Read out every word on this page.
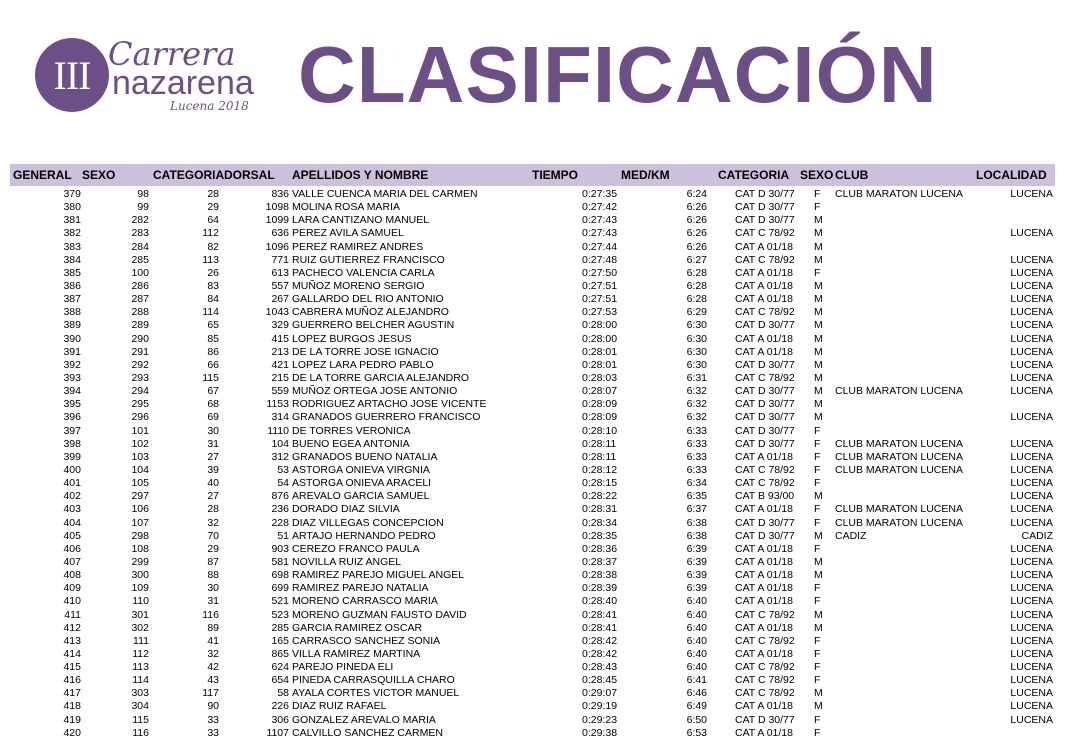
III Carrera
nazarena
Lucena 2018 CLASIFICACIÓN
GENERAL SEXO	CATEGORIA DORSAL APELLIDOS Y NOMBRE	TIEMPO	MED/KM	CATEGORIA SEXO CLUB	LOCALIDAD
379	98	28	836 VALLE CUENCA MARIA DEL CARMEN	0:27:35	6:24	CAT D 30/77 F CLUB MARATON LUCENA	LUCENA
380	99	29	1098 MOLINA ROSA MARIA	0:27:42	6:26	CAT D 30/77 F
381	282	64	1099 LARA CANTIZANO MANUEL	0:27:43	6:26	CAT D 30/77 M
382	283	112	636 PEREZ AVILA SAMUEL	0:27:43	6:26	CAT C 78/92 M	LUCENA
383	284	82	1096 PEREZ RAMIREZ ANDRES	0:27:44	6:26	CAT A 01/18 M
384	285	113	771 RUIZ GUTIERREZ FRANCISCO	0:27:48	6:27	CAT C 78/92 M	LUCENA
385	100	26	613 PACHECO VALENCIA CARLA	0:27:50	6:28	CAT A 01/18 F	LUCENA
386	286	83	557 MUÑOZ MORENO SERGIO	0:27:51	6:28	CAT A 01/18 M	LUCENA
387	287	84	267 GALLARDO DEL RIO ANTONIO	0:27:51	6:28	CAT A 01/18 M	LUCENA
388	288	114	1043 CABRERA MUÑOZ ALEJANDRO	0:27:53	6:29	CAT C 78/92 M	LUCENA
389	289	65	329 GUERRERO BELCHER AGUSTIN	0:28:00	6:30	CAT D 30/77 M	LUCENA
390	290	85	415 LOPEZ BURGOS JESUS	0:28:00	6:30	CAT A 01/18 M	LUCENA
391	291	86	213 DE LA TORRE JOSE IGNACIO	0:28:01	6:30	CAT A 01/18 M	LUCENA
392	292	66	421 LOPEZ LARA PEDRO PABLO	0:28:01	6:30	CAT D 30/77 M	LUCENA
393	293	115	215 DE LA TORRE GARCIA ALEJANDRO	0:28:03	6:31	CAT C 78/92 M	LUCENA
394	294	67	559 MUÑOZ ORTEGA JOSE ANTONIO	0:28:07	6:32	CAT D 30/77 M CLUB MARATON LUCENA	LUCENA
395	295	68	1153 RODRIGUEZ ARTACHO JOSE VICENTE	0:28:09	6:32	CAT D 30/77 M
396	296	69	314 GRANADOS GUERRERO FRANCISCO	0:28:09	6:32	CAT D 30/77 M	LUCENA
397	101	30	1110 DE TORRES VERONICA	0:28:10	6:33	CAT D 30/77 F
398	102	31	104 BUENO EGEA ANTONIA	0:28:11	6:33	CAT D 30/77 F CLUB MARATON LUCENA	LUCENA
399	103	27	312 GRANADOS BUENO NATALIA	0:28:11	6:33	CAT A 01/18 F CLUB MARATON LUCENA	LUCENA
400	104	39	53 ASTORGA ONIEVA VIRGNIA	0:28:12	6:33	CAT C 78/92 F CLUB MARATON LUCENA	LUCENA
401	105	40	54 ASTORGA ONIEVA ARACELI	0:28:15	6:34	CAT C 78/92 F	LUCENA
402	297	27	876 AREVALO GARCIA SAMUEL	0:28:22	6:35	CAT B 93/00 M	LUCENA
403	106	28	236 DORADO DIAZ SILVIA	0:28:31	6:37	CAT A 01/18 F CLUB MARATON LUCENA	LUCENA
404	107	32	228 DIAZ VILLEGAS CONCEPCION	0:28:34	6:38	CAT D 30/77 F CLUB MARATON LUCENA	LUCENA
405	298	70	51 ARTAJO HERNANDO PEDRO	0:28:35	6:38	CAT D 30/77 M CADIZ	CADIZ
406	108	29	903 CEREZO FRANCO PAULA	0:28:36	6:39	CAT A 01/18 F	LUCENA
407	299	87	581 NOVILLA RUIZ ANGEL	0:28:37	6:39	CAT A 01/18 M	LUCENA
408	300	88	698 RAMIREZ PAREJO MIGUEL ANGEL	0:28:38	6:39	CAT A 01/18 M	LUCENA
409	109	30	699 RAMIREZ PAREJO NATALIA	0:28:39	6:39	CAT A 01/18 F	LUCENA
410	110	31	521 MORENO CARRASCO MARIA	0:28:40	6:40	CAT A 01/18 F	LUCENA
411	301	116	523 MORENO GUZMAN FAUSTO DAVID	0:28:41	6:40	CAT C 78/92 M	LUCENA
412	302	89	285 GARCIA RAMIREZ OSCAR	0:28:41	6:40	CAT A 01/18 M	LUCENA
413	111	41	165 CARRASCO SANCHEZ SONIA	0:28:42	6:40	CAT C 78/92 F	LUCENA
414	112	32	865 VILLA RAMIREZ MARTINA	0:28:42	6:40	CAT A 01/18 F	LUCENA
415	113	42	624 PAREJO PINEDA ELI	0:28:43	6:40	CAT C 78/92 F	LUCENA
416	114	43	654 PINEDA CARRASQUILLA CHARO	0:28:45	6:41	CAT C 78/92 F	LUCENA
417	303	117	58 AYALA CORTES VICTOR MANUEL	0:29:07	6:46	CAT C 78/92 M	LUCENA
418	304	90	226 DIAZ RUIZ RAFAEL	0:29:19	6:49	CAT A 01/18 M	LUCENA
419	115	33	306 GONZALEZ AREVALO MARIA	0:29:23	6:50	CAT D 30/77 F	LUCENA
420	116	33	1107 CALVILLO SANCHEZ CARMEN	0:29:38	6:53	CAT A 01/18 F
